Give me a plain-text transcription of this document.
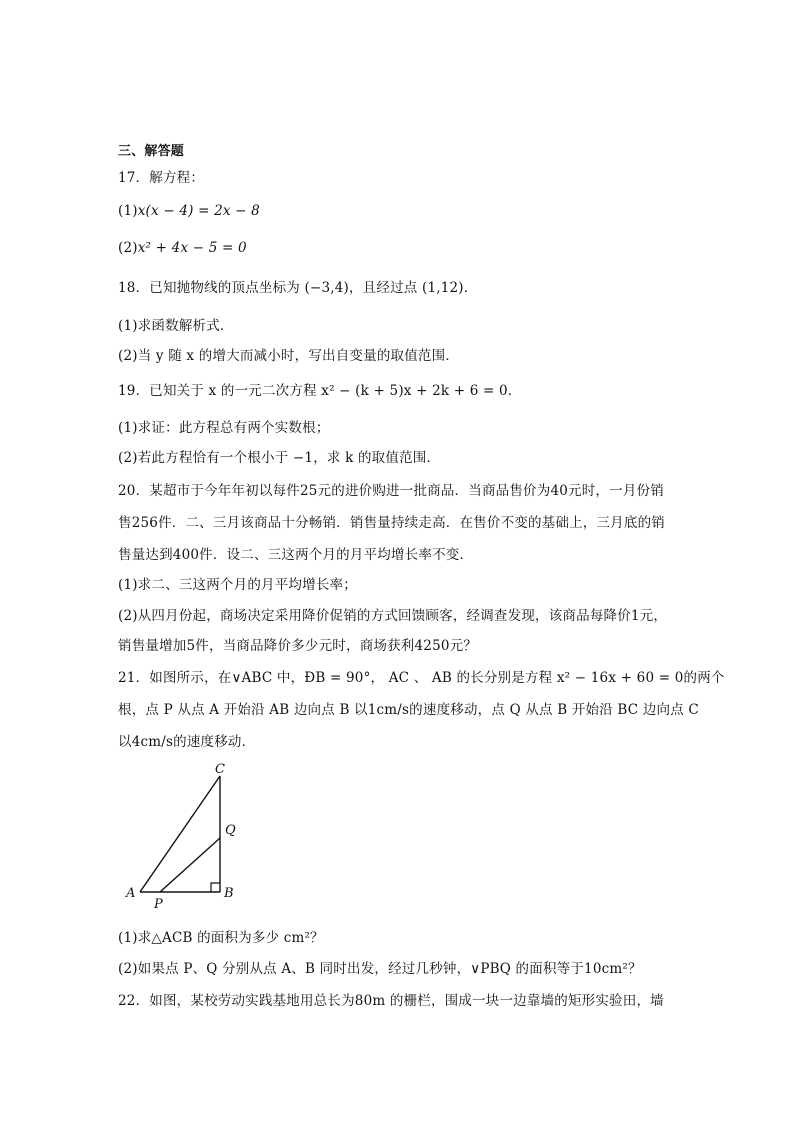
三、解答题
17．解方程：
(1)x(x − 4) = 2x − 8
(2)x² + 4x − 5 = 0
18．已知抛物线的顶点坐标为 (−3,4)，且经过点 (1,12)．
(1)求函数解析式．
(2)当 y 随 x 的增大而减小时，写出自变量的取值范围．
19．已知关于 x 的一元二次方程 x² − (k + 5)x + 2k + 6 = 0．
(1)求证：此方程总有两个实数根；
(2)若此方程恰有一个根小于 −1，求 k 的取值范围．
20．某超市于今年年初以每件25元的进价购进一批商品．当商品售价为40元时，一月份销
售256件．二、三月该商品十分畅销．销售量持续走高．在售价不变的基础上，三月底的销
售量达到400件．设二、三这两个月的月平均增长率不变．
(1)求二、三这两个月的月平均增长率；
(2)从四月份起，商场决定采用降价促销的方式回馈顾客，经调查发现，该商品每降价1元，
销售量增加5件，当商品降价多少元时，商场获利4250元？
21．如图所示，在∨ABC 中，ÐB = 90°， AC 、 AB 的长分别是方程 x² − 16x + 60 = 0的两个
根，点 P 从点 A 开始沿 AB 边向点 B 以1cm/s的速度移动，点 Q 从点 B 开始沿 BC 边向点 C
以4cm/s的速度移动．
C
Q
A	B
P
(1)求△ACB 的面积为多少 cm²？
(2)如果点 P、Q 分别从点 A、B 同时出发，经过几秒钟，∨PBQ 的面积等于10cm²？
22．如图，某校劳动实践基地用总长为80m 的栅栏，围成一块一边靠墙的矩形实验田，墙
